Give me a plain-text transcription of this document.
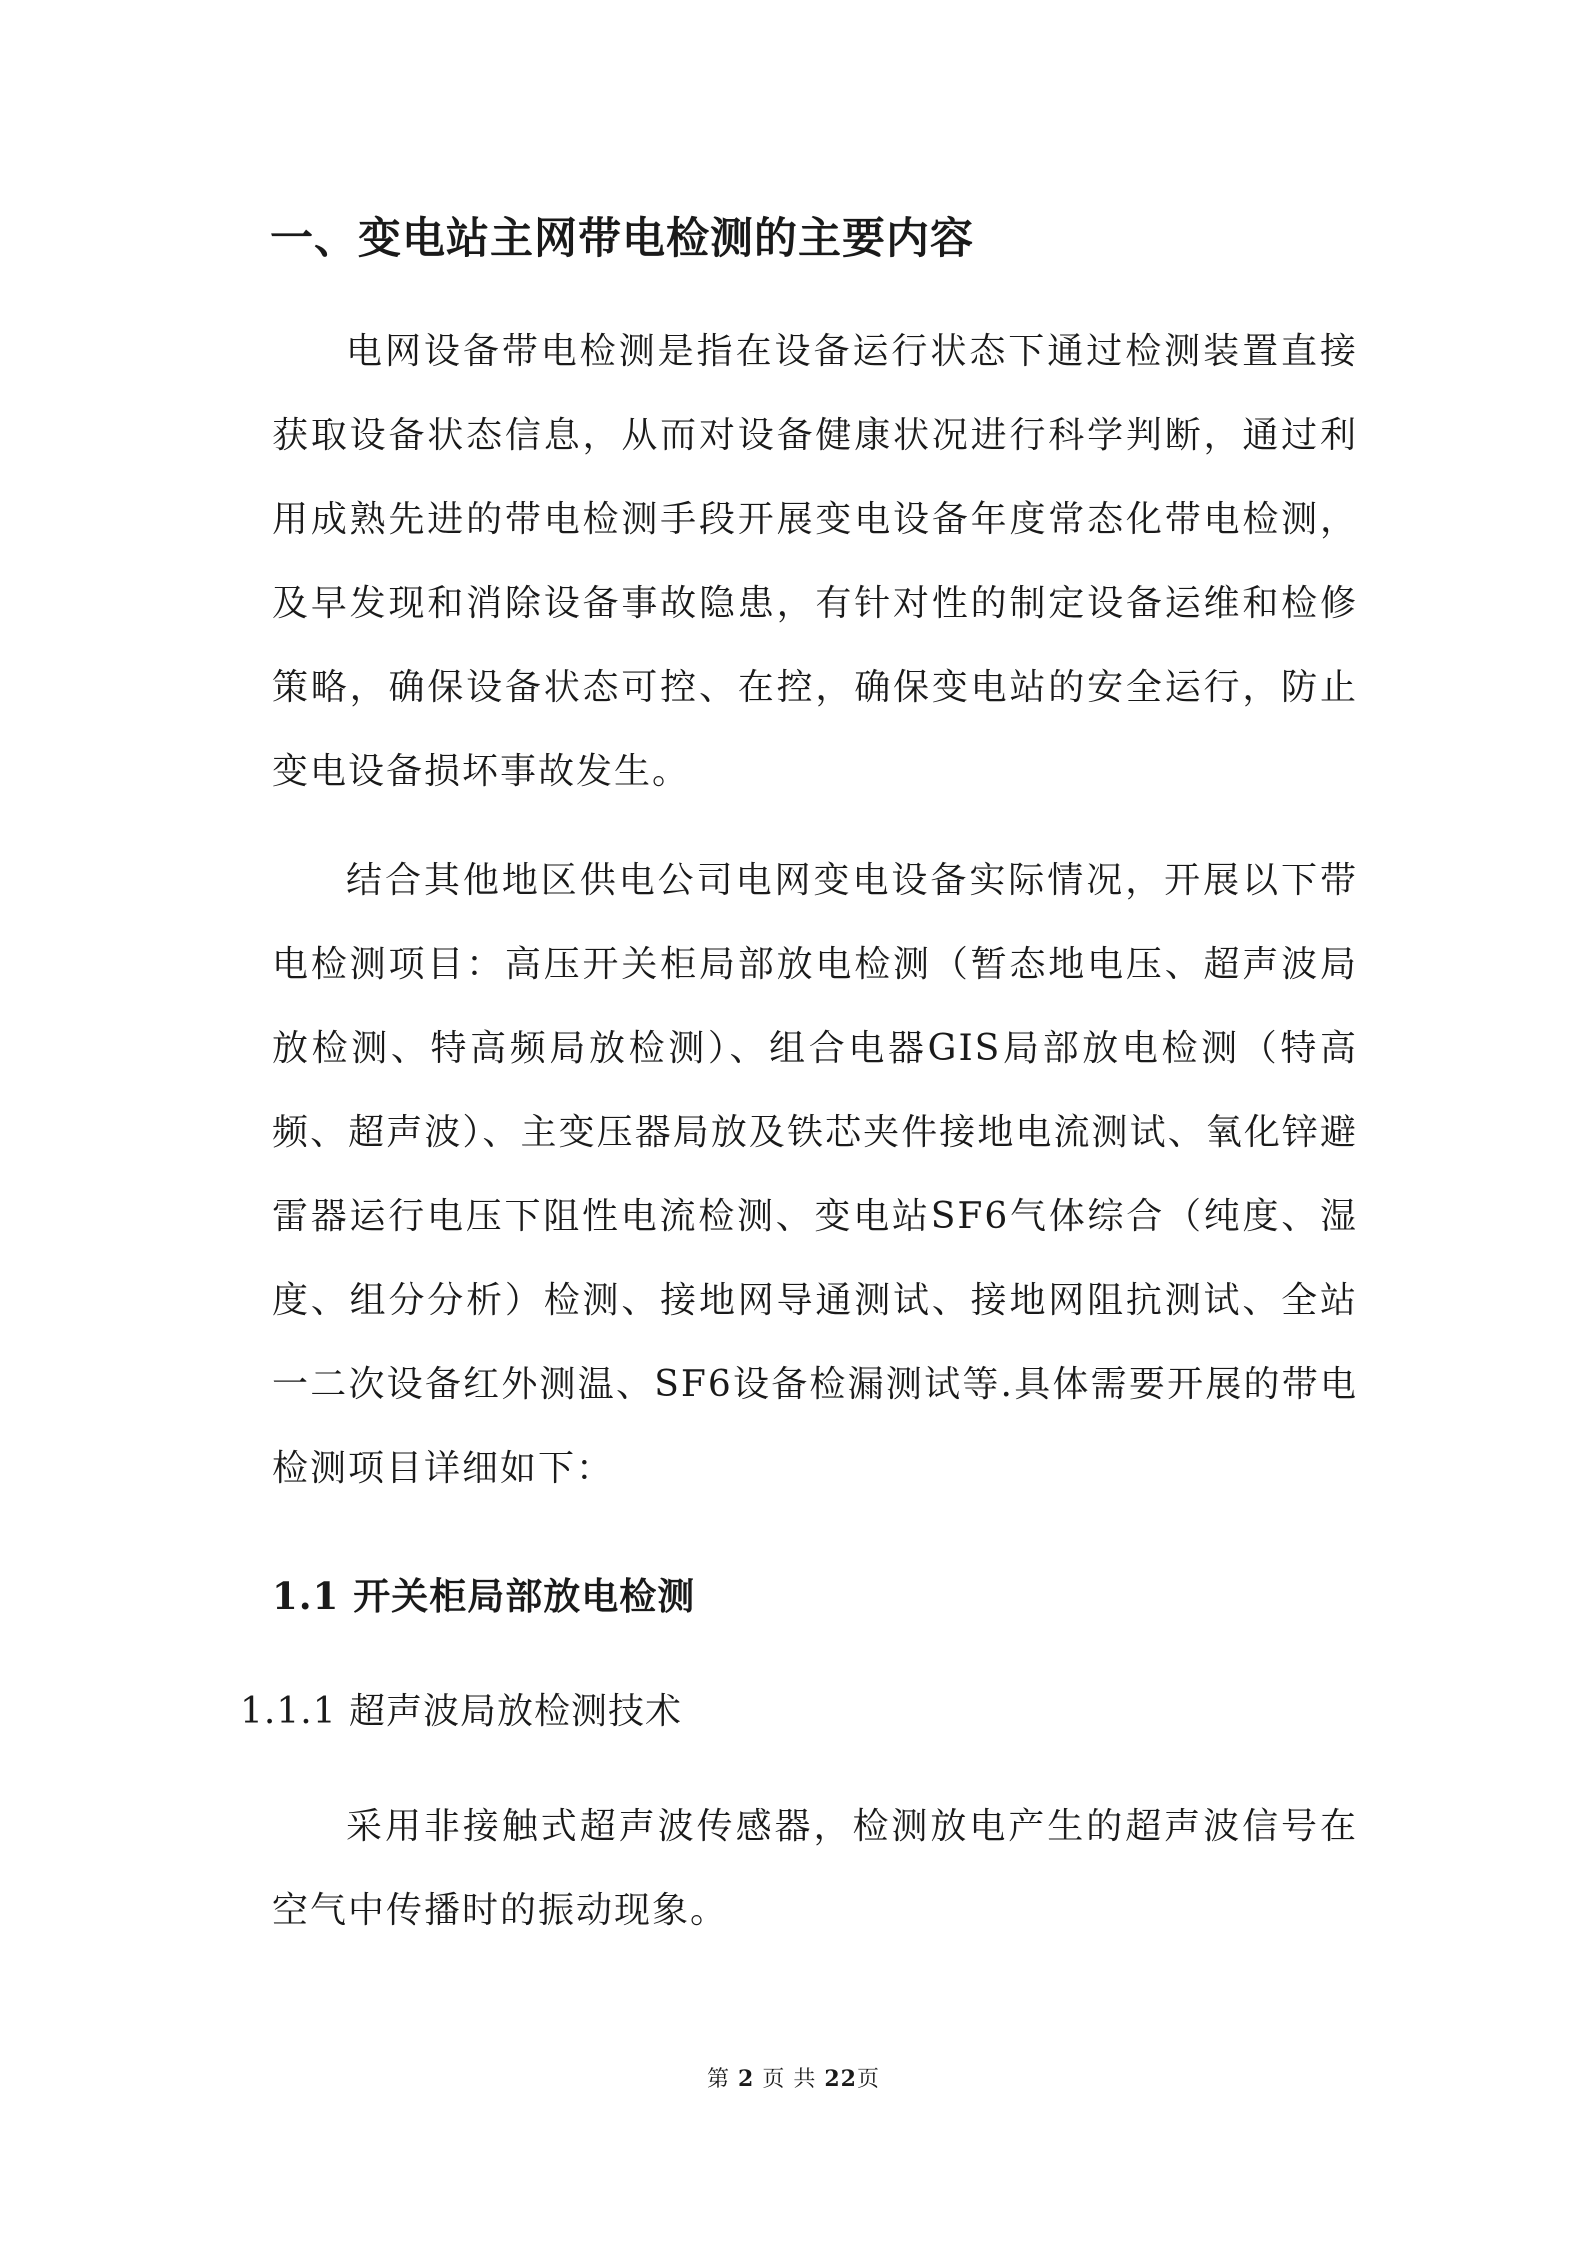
一、变电站主网带电检测的主要内容

电网设备带电检测是指在设备运行状态下通过检测装置直接获取设备状态信息，从而对设备健康状况进行科学判断，通过利用成熟先进的带电检测手段开展变电设备年度常态化带电检测，及早发现和消除设备事故隐患，有针对性的制定设备运维和检修策略，确保设备状态可控、在控，确保变电站的安全运行，防止变电设备损坏事故发生。

结合其他地区供电公司电网变电设备实际情况，开展以下带电检测项目：高压开关柜局部放电检测（暂态地电压、超声波局放检测、特高频局放检测）、组合电器GIS局部放电检测（特高频、超声波）、主变压器局放及铁芯夹件接地电流测试、氧化锌避雷器运行电压下阻性电流检测、变电站SF6气体综合（纯度、湿度、组分分析）检测、接地网导通测试、接地网阻抗测试、全站一二次设备红外测温、SF6设备检漏测试等.具体需要开展的带电检测项目详细如下：

1.1 开关柜局部放电检测
1.1.1 超声波局放检测技术

采用非接触式超声波传感器，检测放电产生的超声波信号在空气中传播时的振动现象。

第 2 页 共 22页
